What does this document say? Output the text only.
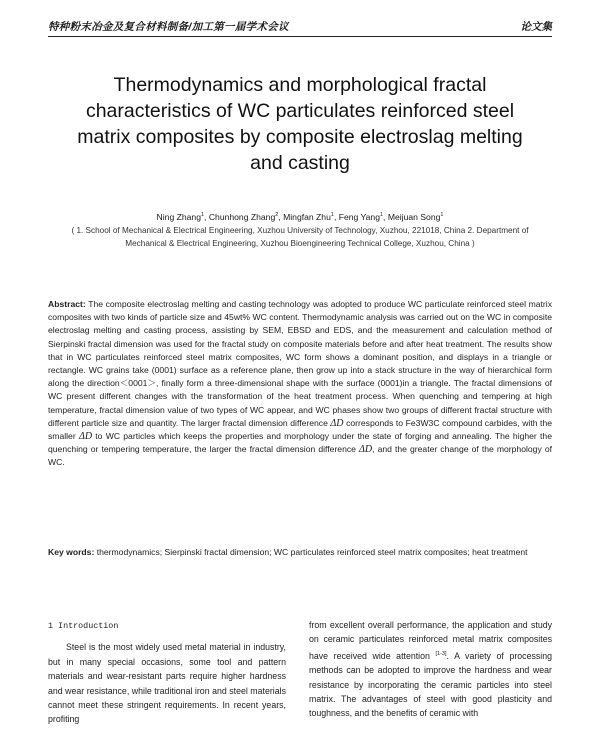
特种粉末冶金及复合材料制备/加工第一届学术会议	论文集
Thermodynamics and morphological fractal characteristics of WC particulates reinforced steel matrix composites by composite electroslag melting and casting
Ning Zhang$^1$, Chunhong Zhang$^2$, Mingfan Zhu$^1$, Feng Yang$^1$, Meijuan Song$^1$
( 1. School of Mechanical & Electrical Engineering, Xuzhou University of Technology, Xuzhou, 221018, China 2. Department of Mechanical & Electrical Engineering, Xuzhou Bioengineering Technical College, Xuzhou, China )
Abstract: The composite electroslag melting and casting technology was adopted to produce WC particulate reinforced steel matrix composites with two kinds of particle size and 45wt% WC content. Thermodynamic analysis was carried out on the WC in composite electroslag melting and casting process, assisting by SEM, EBSD and EDS, and the measurement and calculation method of Sierpinski fractal dimension was used for the fractal study on composite materials before and after heat treatment. The results show that in WC particulates reinforced steel matrix composites, WC form shows a dominant position, and displays in a triangle or rectangle. WC grains take (0001) surface as a reference plane, then grow up into a stack structure in the way of hierarchical form along the direction＜0001＞, finally form a three-dimensional shape with the surface (0001)in a triangle. The fractal dimensions of WC present different changes with the transformation of the heat treatment process. When quenching and tempering at high temperature, fractal dimension value of two types of WC appear, and WC phases show two groups of different fractal structure with different particle size and quantity. The larger fractal dimension difference ΔD corresponds to Fe3W3C compound carbides, with the smaller ΔD to WC particles which keeps the properties and morphology under the state of forging and annealing. The higher the quenching or tempering temperature, the larger the fractal dimension difference ΔD, and the greater change of the morphology of WC.
Key words: thermodynamics; Sierpinski fractal dimension; WC particulates reinforced steel matrix composites; heat treatment
1 Introduction
Steel is the most widely used metal material in industry, but in many special occasions, some tool and pattern materials and wear-resistant parts require higher hardness and wear resistance, while traditional iron and steel materials cannot meet these stringent requirements. In recent years, profiting
from excellent overall performance, the application and study on ceramic particulates reinforced metal matrix composites have received wide attention [1-3]. A variety of processing methods can be adopted to improve the hardness and wear resistance by incorporating the ceramic particles into steel matrix. The advantages of steel with good plasticity and toughness, and the benefits of ceramic with
